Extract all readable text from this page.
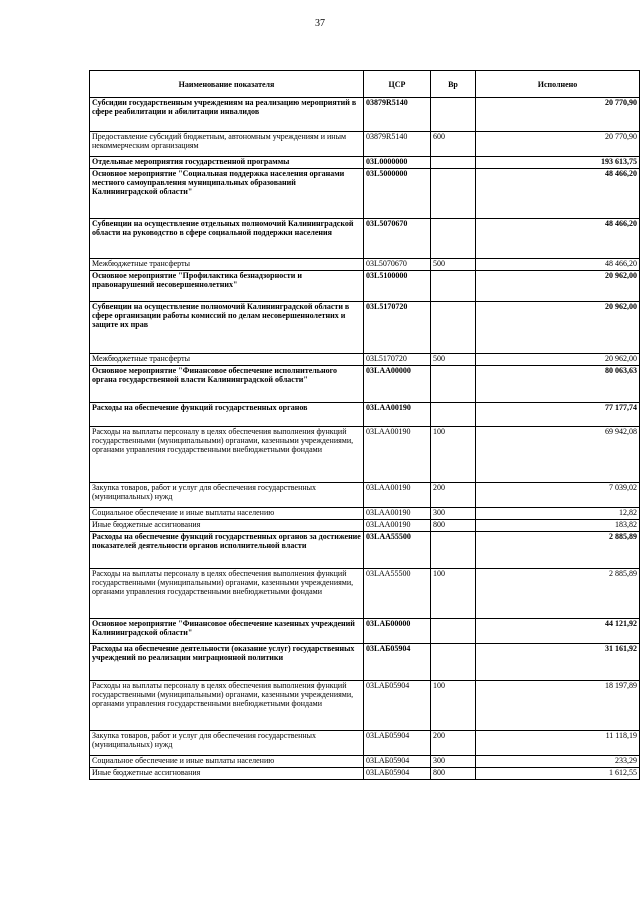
37
Наименование показателя	ЦСР	Вр	Исполнено
Субсидии государственным учреждениям на реализацию мероприятий в сфере реабилитации и абилитации инвалидов	03879R5140		20 770,90
Предоставление субсидий бюджетным, автономным учреждениям и иным некоммерческим организациям	03879R5140	600	20 770,90
Отдельные мероприятия государственной программы	03L0000000		193 613,75
Основное мероприятие "Социальная поддержка населения органами местного самоуправления муниципальных образований Калининградской области"	03L5000000		48 466,20
Субвенции на осуществление отдельных полномочий Калининградской области на руководство в сфере социальной поддержки населения	03L5070670		48 466,20
Межбюджетные трансферты	03L5070670	500	48 466,20
Основное мероприятие "Профилактика безнадзорности и правонарушений несовершеннолетних"	03L5100000		20 962,00
Субвенции на осуществление полномочий Калининградской области в сфере организации работы комиссий по делам несовершеннолетних и защите их прав	03L5170720		20 962,00
Межбюджетные трансферты	03L5170720	500	20 962,00
Основное мероприятие "Финансовое обеспечение исполнительного органа государственной власти Калининградской области"	03LAA00000		80 063,63
Расходы на обеспечение функций государственных органов	03LAA00190		77 177,74
Расходы на выплаты персоналу в целях обеспечения выполнения функций государственными (муниципальными) органами, казенными учреждениями, органами управления государственными внебюджетными фондами	03LAA00190	100	69 942,08
Закупка товаров, работ и услуг для обеспечения государственных (муниципальных) нужд	03LAA00190	200	7 039,02
Социальное обеспечение и иные выплаты населению	03LAA00190	300	12,82
Иные бюджетные ассигнования	03LAA00190	800	183,82
Расходы на обеспечение функций государственных органов за достижение показателей деятельности органов исполнительной власти	03LAA55500		2 885,89
Расходы на выплаты персоналу в целях обеспечения выполнения функций государственными (муниципальными) органами, казенными учреждениями, органами управления государственными внебюджетными фондами	03LAA55500	100	2 885,89
Основное мероприятие "Финансовое обеспечение казенных учреждений Калининградской области"	03LAБ00000		44 121,92
Расходы на обеспечение деятельности (оказание услуг) государственных учреждений по реализации миграционной политики	03LAБ05904		31 161,92
Расходы на выплаты персоналу в целях обеспечения выполнения функций государственными (муниципальными) органами, казенными учреждениями, органами управления государственными внебюджетными фондами	03LAБ05904	100	18 197,89
Закупка товаров, работ и услуг для обеспечения государственных (муниципальных) нужд	03LAБ05904	200	11 118,19
Социальное обеспечение и иные выплаты населению	03LAБ05904	300	233,29
Иные бюджетные ассигнования	03LAБ05904	800	1 612,55
